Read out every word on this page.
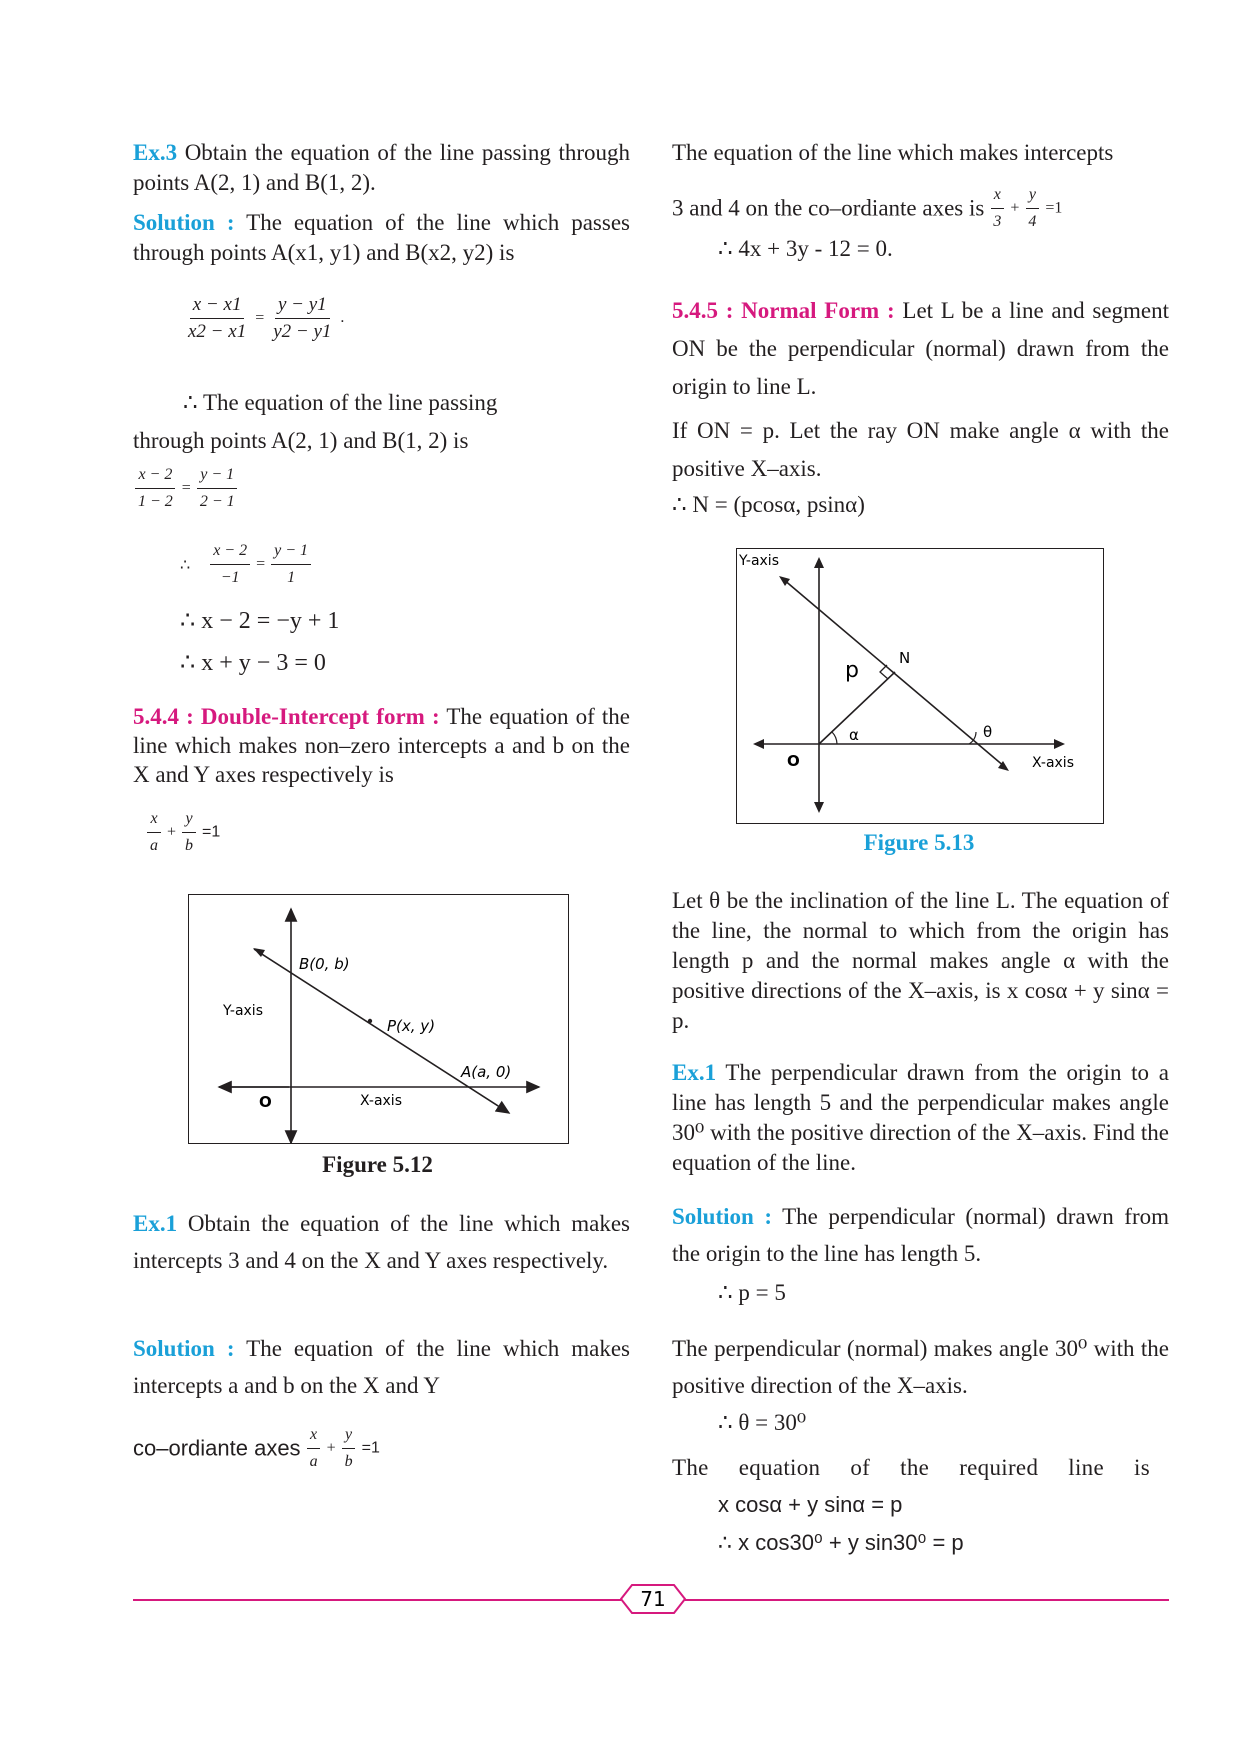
Ex.3 Obtain the equation of the line passing through points A(2, 1) and B(1, 2).

Solution : The equation of the line which passes through points A(x1, y1) and B(x2, y2) is

$\frac{x - x1}{x2 - x1} = \frac{y - y1}{y2 - y1}$ .
∴ The equation of the line passing
through points A(2, 1) and B(1, 2) is
$\frac{x - 2}{1 - 2} = \frac{y - 1}{2 - 1}$
∴ $\frac{x - 2}{-1} = \frac{y - 1}{1}$
∴ x − 2 = −y + 1
∴ x + y − 3 = 0
5.4.4 : Double-Intercept form : The equation of the line which makes non–zero intercepts a and b on the X and Y axes respectively is
$\frac{x}{a} + \frac{y}{b} =1$
B(0, b)
Y-axis
P(x, y)
A(a, 0)
X-axis
O
Figure 5.12
Ex.1 Obtain the equation of the line which makes intercepts 3 and 4 on the X and Y axes respectively.
Solution : The equation of the line which makes intercepts a and b on the X and Y
co–ordiante axes $\frac{x}{a} + \frac{y}{b} =1$
The equation of the line which makes intercepts
3 and 4 on the co–ordiante axes is $\frac{x}{3} + \frac{y}{4} =1$
∴ 4x + 3y - 12 = 0.
5.4.5 : Normal Form : Let L be a line and segment ON be the perpendicular (normal) drawn from the origin to line L.
If ON = p. Let the ray ON make angle α with the positive X–axis.
∴ N = (pcosα, psinα)
Y-axis
N
p
α	θ
O	X-axis
Figure 5.13
Let θ be the inclination of the line L. The equation of the line, the normal to which from the origin has length p and the normal makes angle α with the positive directions of the X–axis, is x cosα + y sinα = p.
Ex.1 The perpendicular drawn from the origin to a line has length 5 and the perpendicular makes angle 30⁰ with the positive direction of the X–axis. Find the equation of the line.
Solution : The perpendicular (normal) drawn from the origin to the line has length 5.
∴ p = 5
The perpendicular (normal) makes angle 30⁰ with the positive direction of the X–axis.
∴ θ = 30⁰
The equation of the required line is
x cosα + y sinα = p
∴ x cos30⁰ + y sin30⁰ = p
71
